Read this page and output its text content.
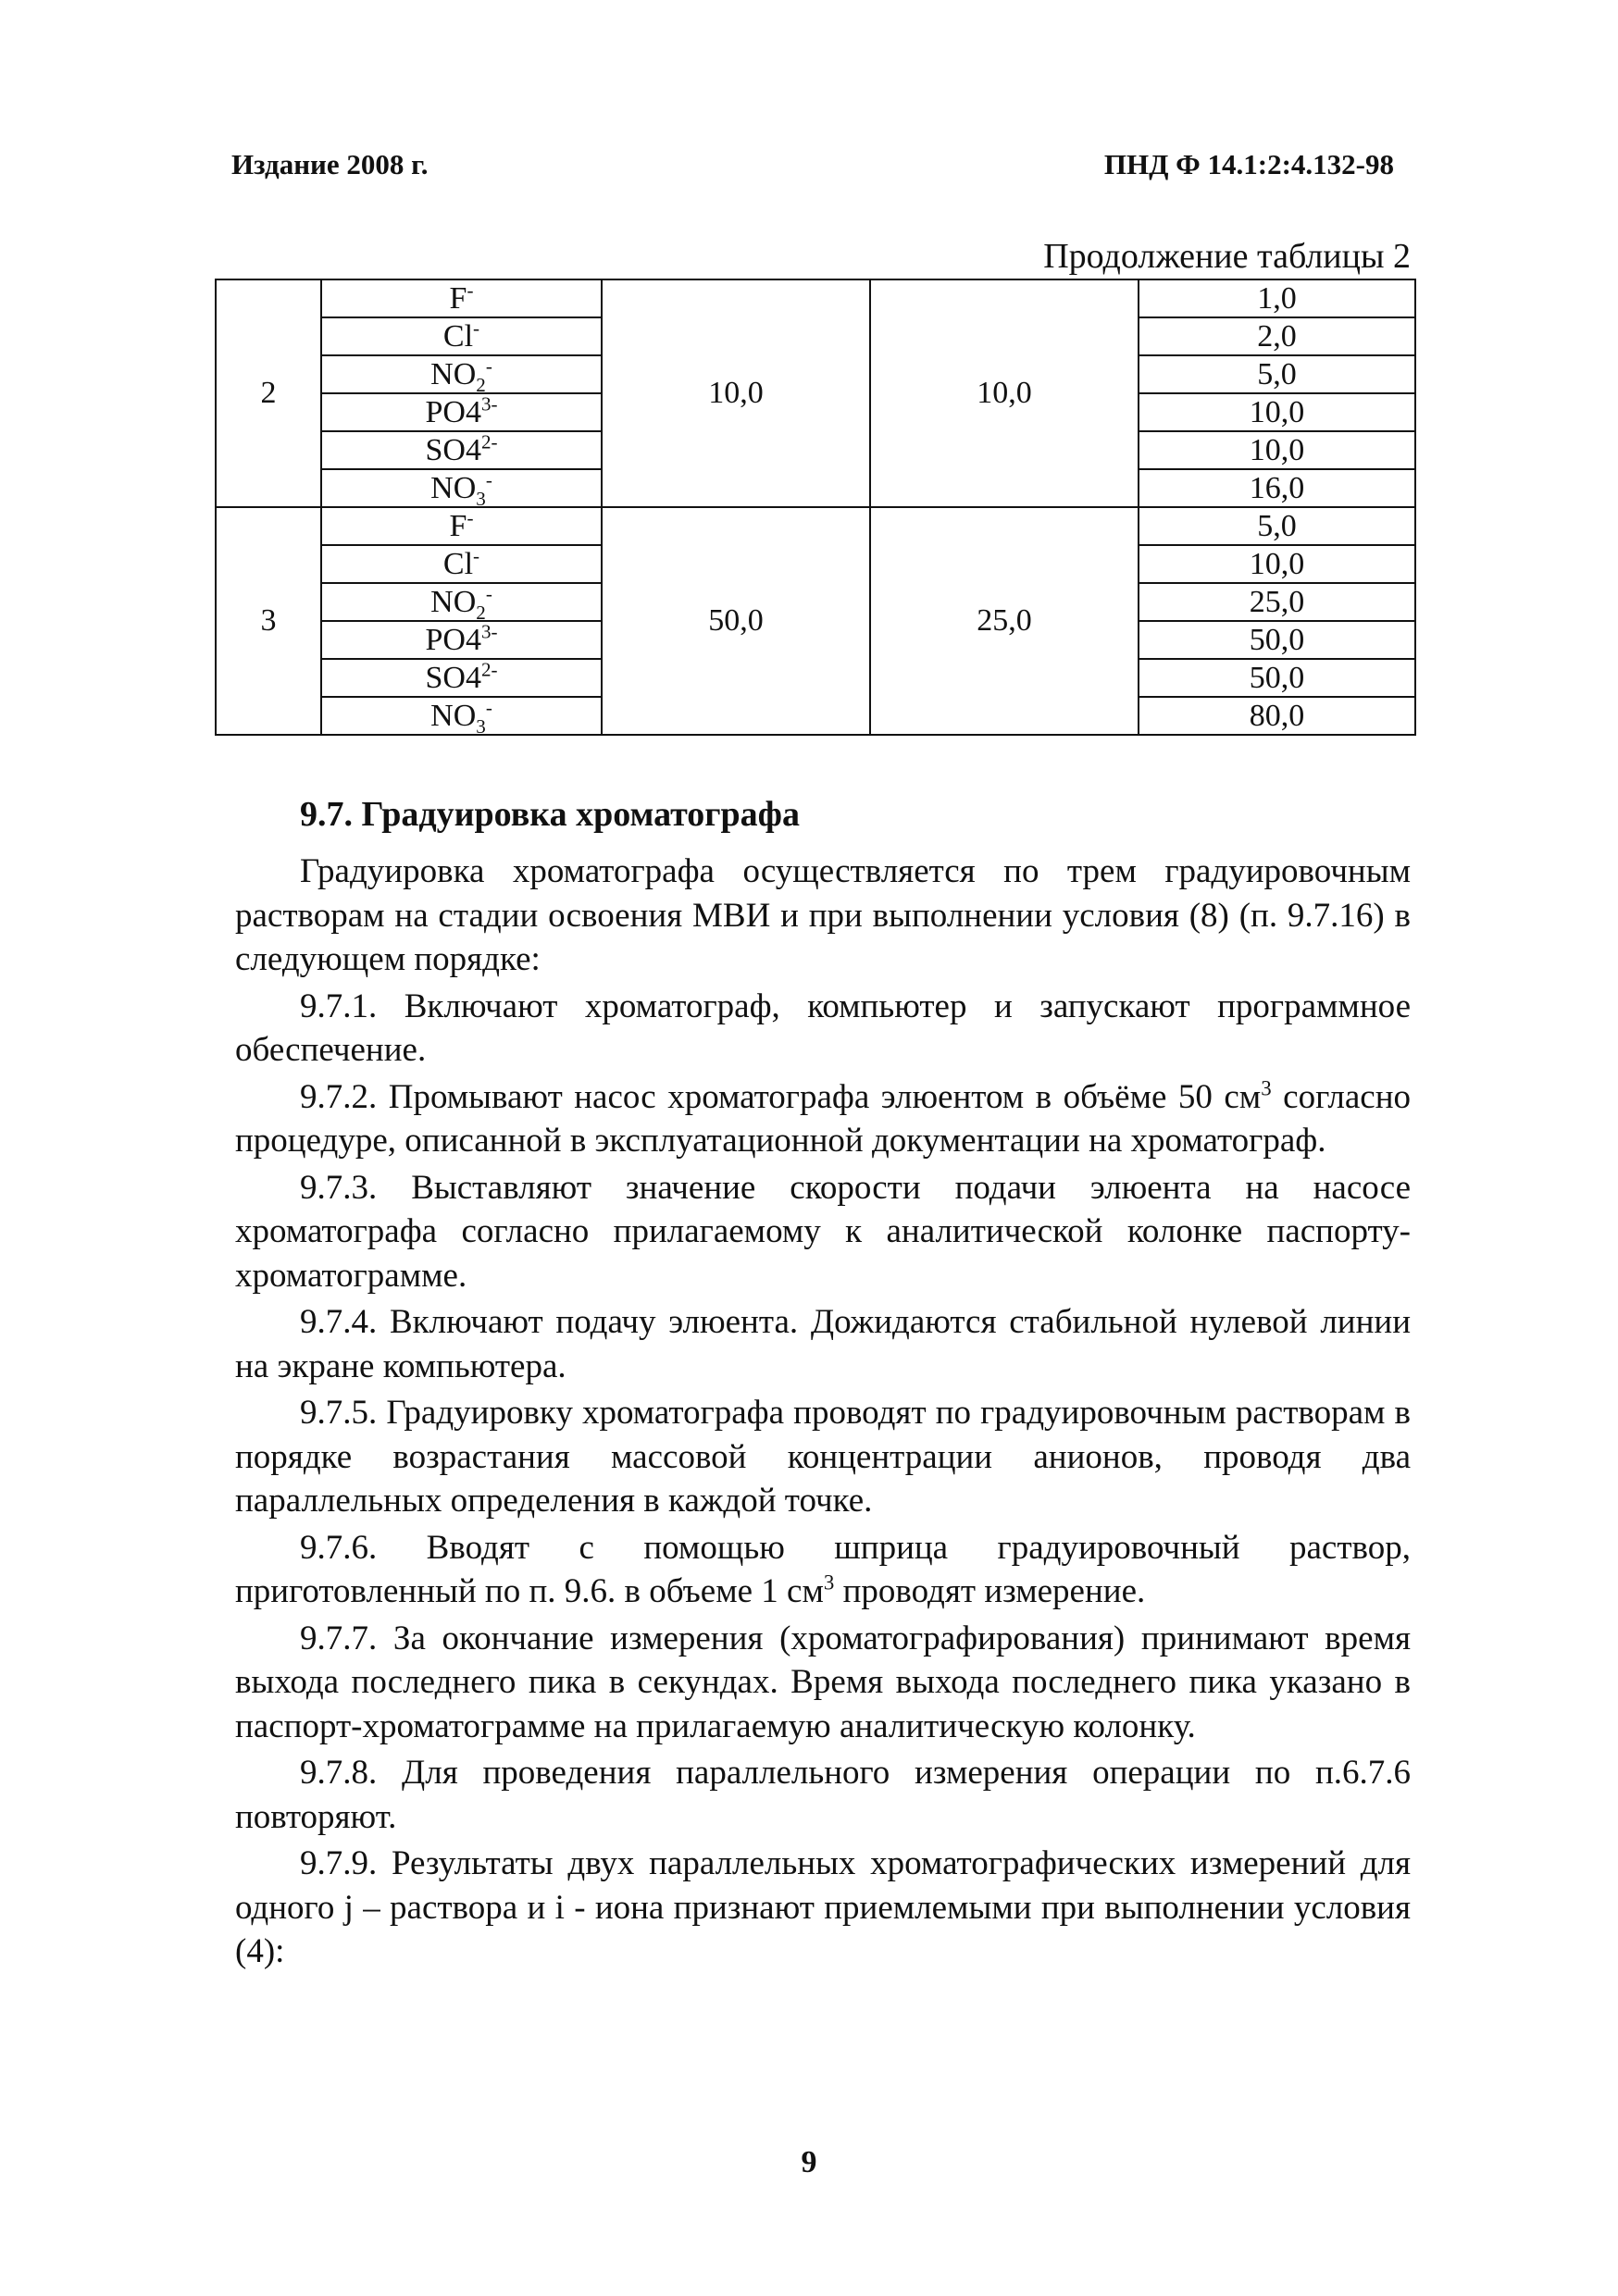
Издание 2008 г.	ПНД Ф 14.1:2:4.132-98
Продолжение таблицы 2
2	F-	10,0	10,0	1,0
	Cl-			2,0
	$NO_2^-$			5,0
	$PO4^{3-}$			10,0
	$SO4^{2-}$			10,0
	$NO_3^-$			16,0
3	F-	50,0	25,0	5,0
	Cl-			10,0
	$NO_2^-$			25,0
	$PO4^{3-}$			50,0
	$SO4^{2-}$			50,0
	$NO_3^-$			80,0
9.7. Градуировка хроматографа

Градуировка хроматографа осуществляется по трем градуировочным растворам на стадии освоения МВИ и при выполнении условия (8) (п. 9.7.16) в следующем порядке:

9.7.1. Включают хроматограф, компьютер и запускают программное обеспечение.

9.7.2. Промывают насос хроматографа элюентом в объёме 50 $см^3$ согласно процедуре, описанной в эксплуатационной документации на хроматограф.

9.7.3. Выставляют значение скорости подачи элюента на насосе хроматографа согласно прилагаемому к аналитической колонке паспорту-хроматограмме.

9.7.4. Включают подачу элюента. Дожидаются стабильной нулевой линии на экране компьютера.

9.7.5. Градуировку хроматографа проводят по градуировочным растворам в порядке возрастания массовой концентрации анионов, проводя два параллельных определения в каждой точке.

9.7.6. Вводят с помощью шприца градуировочный раствор, приготовленный по п. 9.6. в объеме 1 $см^3$ проводят измерение.

9.7.7. За окончание измерения (хроматографирования) принимают время выхода последнего пика в секундах. Время выхода последнего пика указано в паспорт-хроматограмме на прилагаемую аналитическую колонку.

9.7.8. Для проведения параллельного измерения операции по п.6.7.6 повторяют.

9.7.9. Результаты двух параллельных хроматографических измерений для одного j – раствора и i - иона признают приемлемыми при выполнении условия (4):

9
